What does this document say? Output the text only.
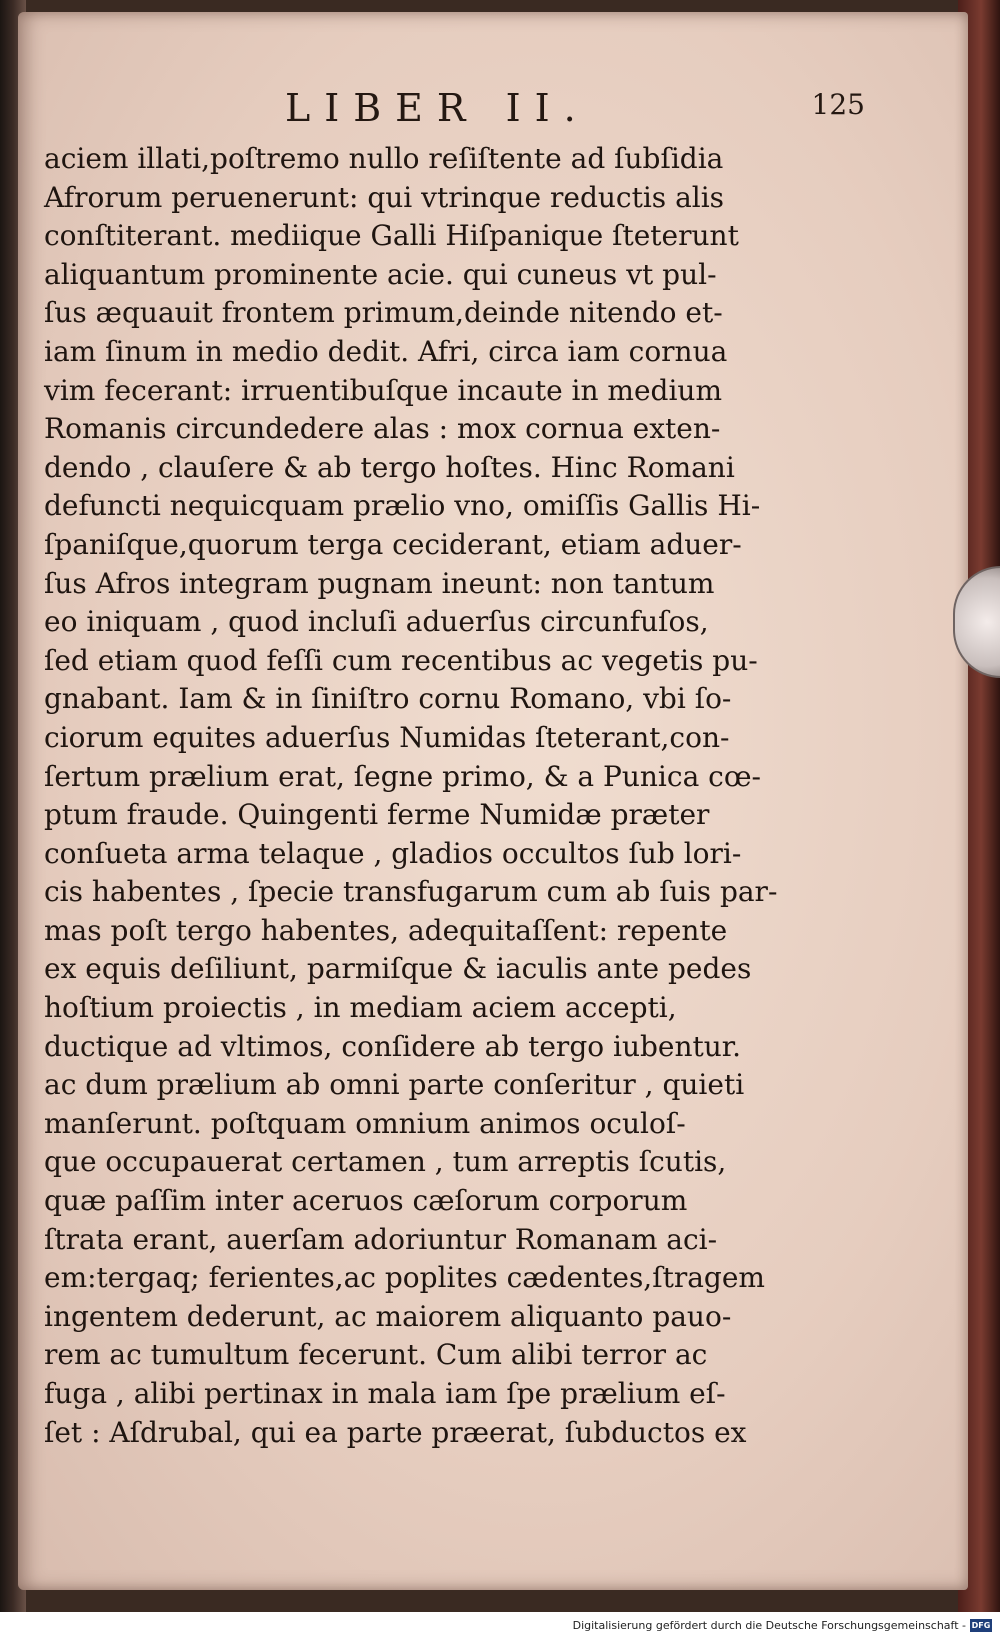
LIBER II.	125
aciem illati,poſtremo nullo reſiſtente ad ſubſidia
Afrorum peruenerunt: qui vtrinque reductis alis
conſtiterant. mediique Galli Hiſpanique ſteterunt
aliquantum prominente acie. qui cuneus vt pul-
ſus æquauit frontem primum,deinde nitendo et-
iam ſinum in medio dedit. Afri, circa iam cornua
vim fecerant: irruentibuſque incaute in medium
Romanis circundedere alas : mox cornua exten-
dendo , clauſere & ab tergo hoſtes. Hinc Romani
defuncti nequicquam prælio vno, omiſſis Gallis Hi-
ſpaniſque,quorum terga ceciderant, etiam aduer-
ſus Afros integram pugnam ineunt: non tantum
eo iniquam , quod incluſi aduerſus circunfuſos,
ſed etiam quod feſſi cum recentibus ac vegetis pu-
gnabant. Iam & in ſiniſtro cornu Romano, vbi ſo-
ciorum equites aduerſus Numidas ſteterant,con-
ſertum prælium erat, ſegne primo, & a Punica cœ-
ptum fraude. Quingenti ferme Numidæ præter
conſueta arma telaque , gladios occultos ſub lori-
cis habentes , ſpecie transfugarum cum ab ſuis par-
mas poſt tergo habentes, adequitaſſent: repente
ex equis deſiliunt, parmiſque & iaculis ante pedes
hoſtium proiectis , in mediam aciem accepti,
ductique ad vltimos, conſidere ab tergo iubentur.
ac dum prælium ab omni parte conſeritur , quieti
manſerunt. poſtquam omnium animos oculoſ-
que occupauerat certamen , tum arreptis ſcutis,
quæ paſſim inter aceruos cæſorum corporum
ſtrata erant, auerſam adoriuntur Romanam aci-
em:tergaq; ferientes,ac poplites cædentes,ſtragem
ingentem dederunt, ac maiorem aliquanto pauo-
rem ac tumultum fecerunt. Cum alibi terror ac
fuga , alibi pertinax in mala iam ſpe prælium eſ-
ſet : Aſdrubal, qui ea parte præerat, ſubductos ex
Digitalisierung gefördert durch die Deutsche Forschungsgemeinschaft - DFG
